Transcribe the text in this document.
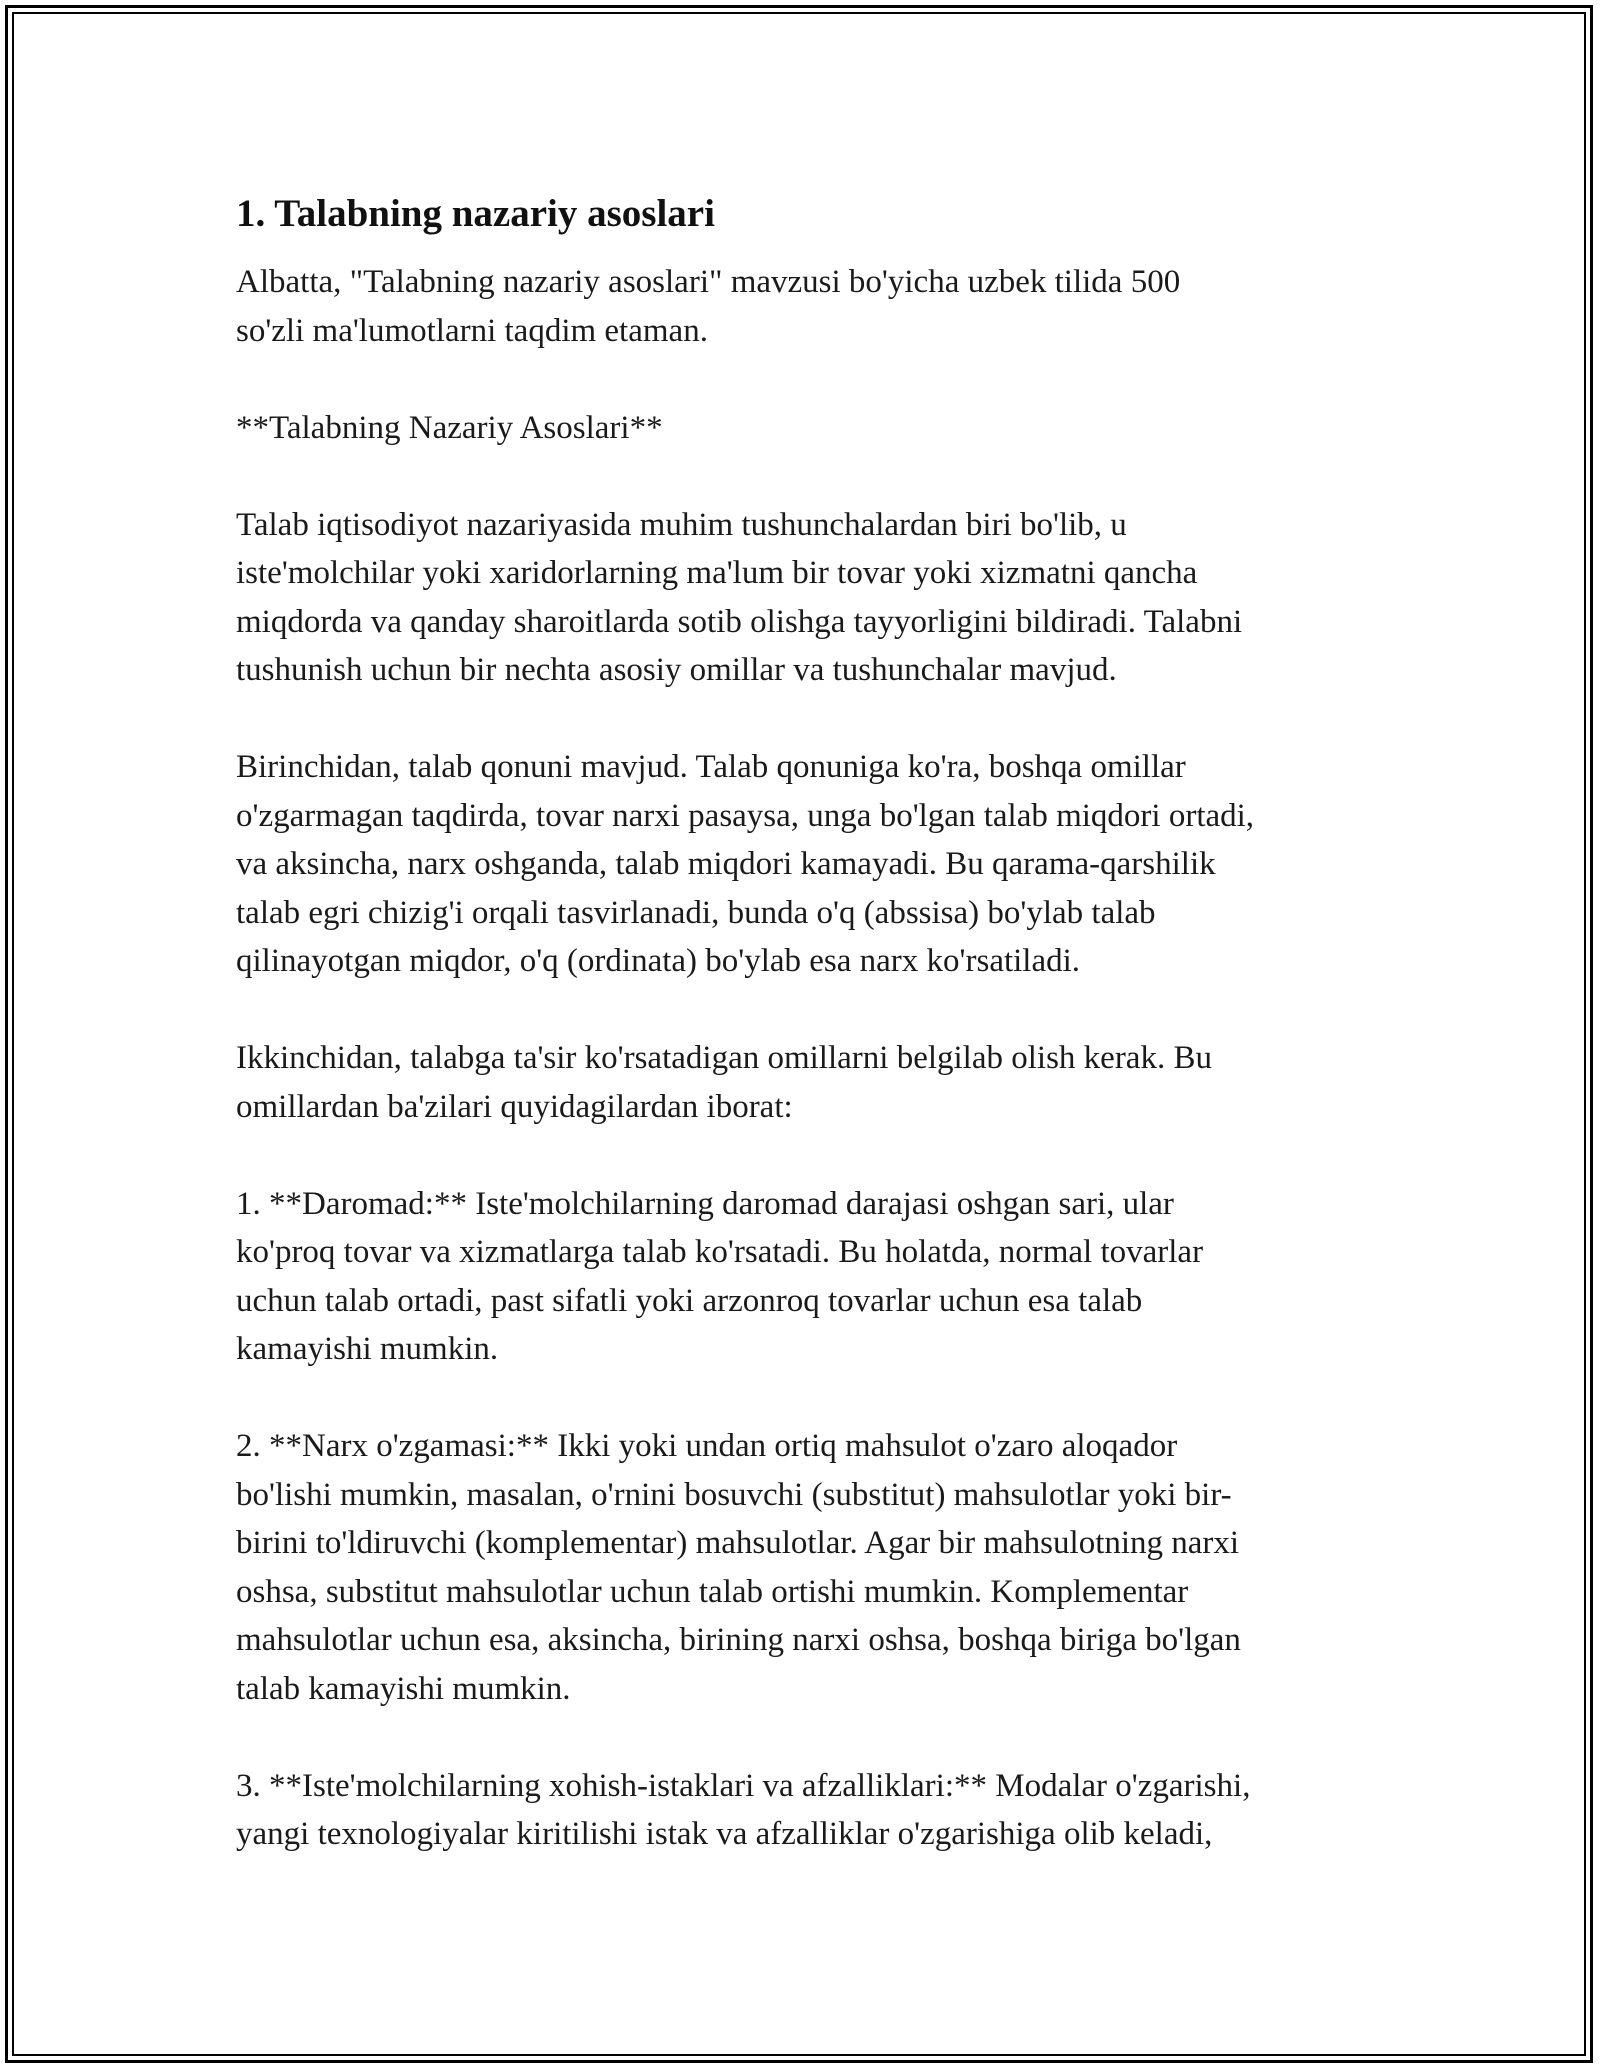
1. Talabning nazariy asoslari

Albatta, "Talabning nazariy asoslari" mavzusi bo'yicha uzbek tilida 500
so'zli ma'lumotlarni taqdim etaman.

**Talabning Nazariy Asoslari**

Talab iqtisodiyot nazariyasida muhim tushunchalardan biri bo'lib, u
iste'molchilar yoki xaridorlarning ma'lum bir tovar yoki xizmatni qancha
miqdorda va qanday sharoitlarda sotib olishga tayyorligini bildiradi. Talabni
tushunish uchun bir nechta asosiy omillar va tushunchalar mavjud.

Birinchidan, talab qonuni mavjud. Talab qonuniga ko'ra, boshqa omillar
o'zgarmagan taqdirda, tovar narxi pasaysa, unga bo'lgan talab miqdori ortadi,
va aksincha, narx oshganda, talab miqdori kamayadi. Bu qarama-qarshilik
talab egri chizig'i orqali tasvirlanadi, bunda o'q (abssisa) bo'ylab talab
qilinayotgan miqdor, o'q (ordinata) bo'ylab esa narx ko'rsatiladi.

Ikkinchidan, talabga ta'sir ko'rsatadigan omillarni belgilab olish kerak. Bu
omillardan ba'zilari quyidagilardan iborat:

1. **Daromad:** Iste'molchilarning daromad darajasi oshgan sari, ular
ko'proq tovar va xizmatlarga talab ko'rsatadi. Bu holatda, normal tovarlar
uchun talab ortadi, past sifatli yoki arzonroq tovarlar uchun esa talab
kamayishi mumkin.

2. **Narx o'zgamasi:** Ikki yoki undan ortiq mahsulot o'zaro aloqador
bo'lishi mumkin, masalan, o'rnini bosuvchi (substitut) mahsulotlar yoki bir-
birini to'ldiruvchi (komplementar) mahsulotlar. Agar bir mahsulotning narxi
oshsa, substitut mahsulotlar uchun talab ortishi mumkin. Komplementar
mahsulotlar uchun esa, aksincha, birining narxi oshsa, boshqa biriga bo'lgan
talab kamayishi mumkin.

3. **Iste'molchilarning xohish-istaklari va afzalliklari:** Modalar o'zgarishi,
yangi texnologiyalar kiritilishi istak va afzalliklar o'zgarishiga olib keladi,
